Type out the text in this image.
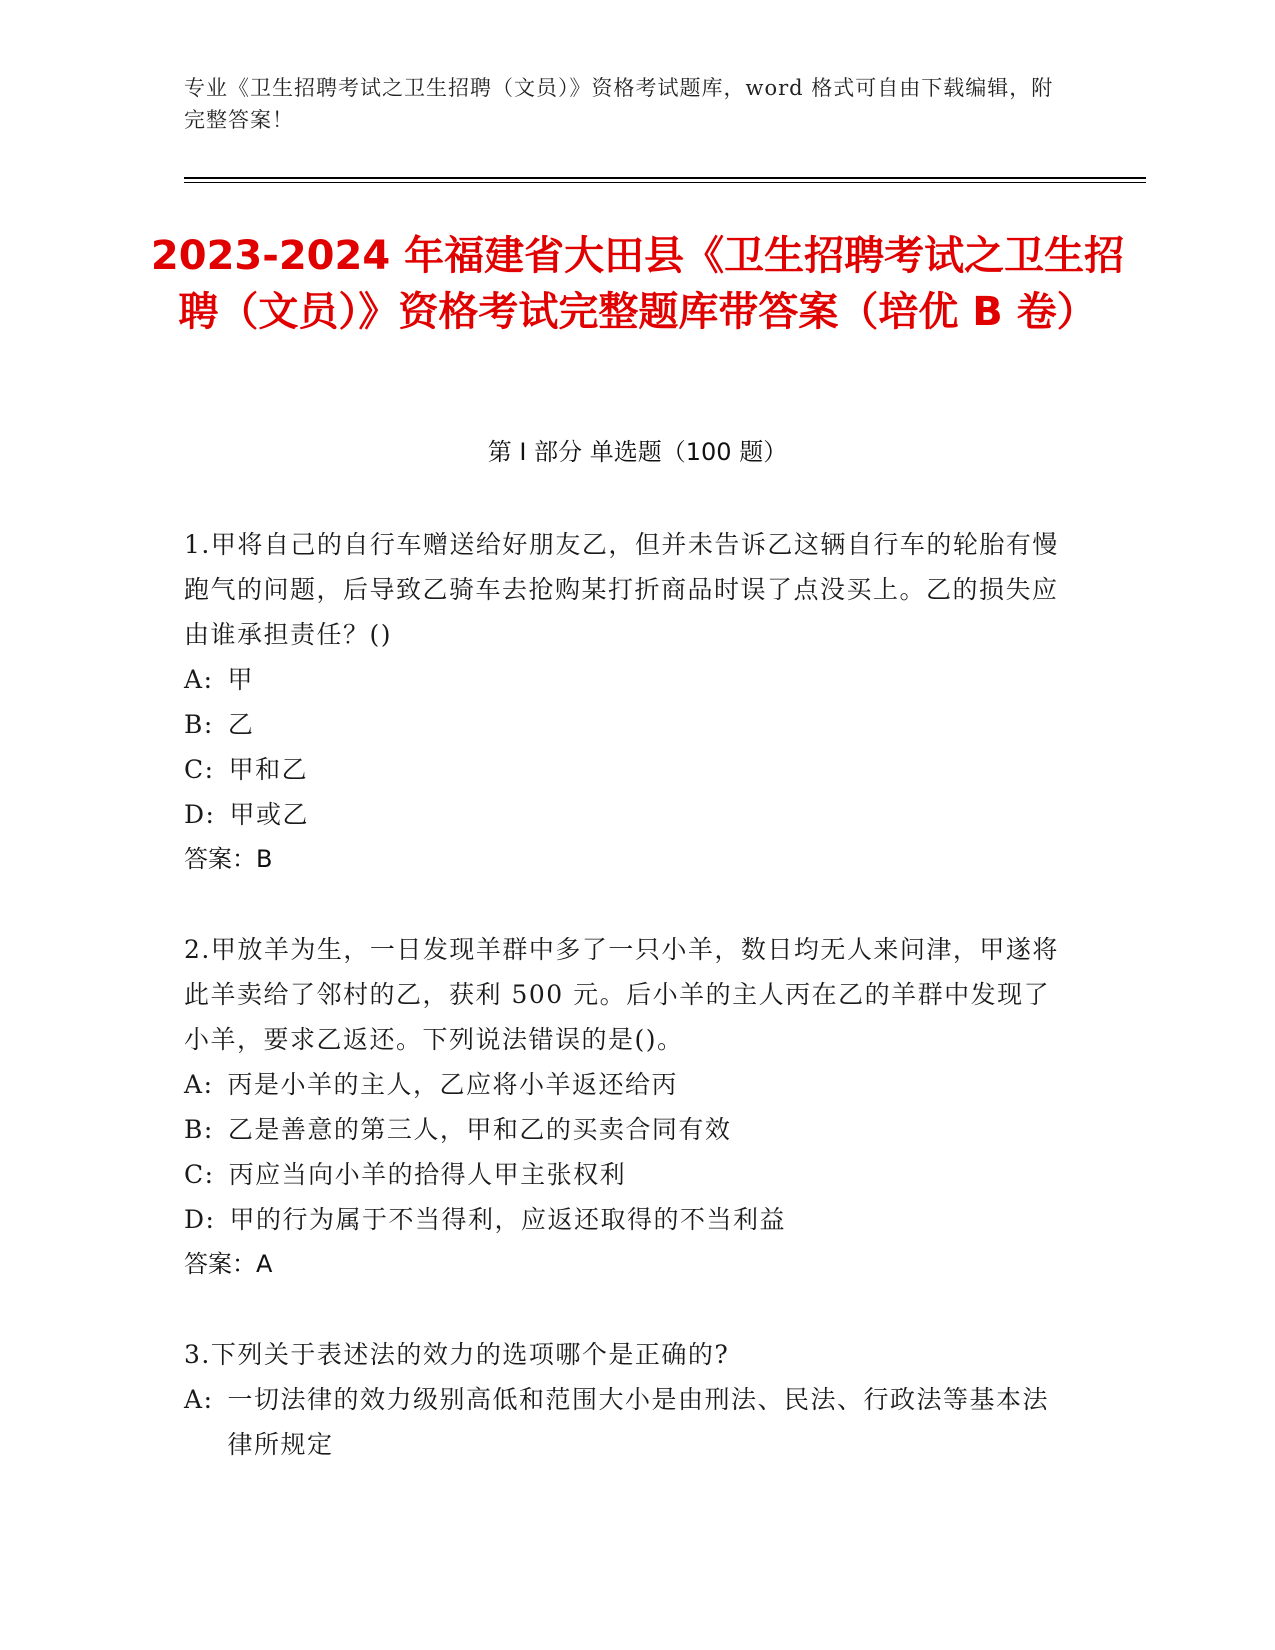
专业《卫生招聘考试之卫生招聘（文员）》资格考试题库，word 格式可自由下载编辑，附完整答案！
2023-2024 年福建省大田县《卫生招聘考试之卫生招聘（文员）》资格考试完整题库带答案（培优 B 卷）
第 I 部分 单选题（100 题）

1.甲将自己的自行车赠送给好朋友乙，但并未告诉乙这辆自行车的轮胎有慢跑气的问题，后导致乙骑车去抢购某打折商品时误了点没买上。乙的损失应由谁承担责任？()

A : 甲
B : 乙
C : 甲和乙
D : 甲或乙
答案：B

2.甲放羊为生，一日发现羊群中多了一只小羊，数日均无人来问津，甲遂将此羊卖给了邻村的乙，获利 500 元。后小羊的主人丙在乙的羊群中发现了小羊，要求乙返还。下列说法错误的是()。

A : 丙是小羊的主人，乙应将小羊返还给丙
B : 乙是善意的第三人，甲和乙的买卖合同有效
C : 丙应当向小羊的拾得人甲主张权利
D : 甲的行为属于不当得利，应返还取得的不当利益
答案：A

3.下列关于表述法的效力的选项哪个是正确的?

A : 一切法律的效力级别高低和范围大小是由刑法、民法、行政法等基本法律所规定
